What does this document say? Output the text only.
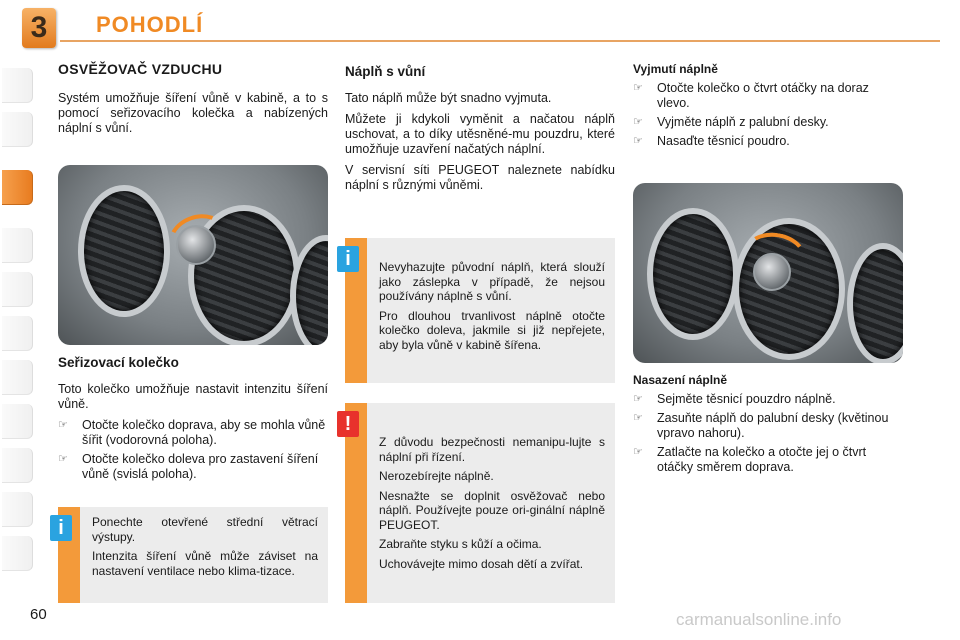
3	POHODLÍ
OSVĚŽOVAČ VZDUCHU

Systém umožňuje šíření vůně v kabině, a to s pomocí seřizovacího kolečka a nabízených náplní s vůní.

Seřizovací kolečko

Toto kolečko umožňuje nastavit intenzitu šíření vůně.

☞ Otočte kolečko doprava, aby se mohla vůně šířit (vodorovná poloha).
☞ Otočte kolečko doleva pro zastavení šíření vůně (svislá poloha).
i	Ponechte otevřené střední větrací výstupy.

Intenzita šíření vůně může záviset na nastavení ventilace nebo klima-tizace.

Náplň s vůní

Tato náplň může být snadno vyjmuta.

Můžete ji kdykoli vyměnit a načatou náplň uschovat, a to díky utěsněné-mu pouzdru, které umožňuje uzavření načatých náplní.

V servisní síti PEUGEOT naleznete nabídku náplní s různými vůněmi.

i	Nevyhazujte původní náplň, která slouží jako záslepka v případě, že nejsou používány náplně s vůní.

Pro dlouhou trvanlivost náplně otočte kolečko doleva, jakmile si již nepřejete, aby byla vůně v kabině šířena.

!

Z důvodu bezpečnosti nemanipu-lujte s náplní při řízení.

Nerozebírejte náplně.

Nesnažte se doplnit osvěžovač nebo náplň. Používejte pouze ori-ginální náplně PEUGEOT.

Zabraňte styku s kůží a očima.

Uchovávejte mimo dosah dětí a zvířat.

Vyjmutí náplně
☞ Otočte kolečko o čtvrt otáčky na doraz vlevo.
☞ Vyjměte náplň z palubní desky.
☞ Nasaďte těsnicí poudro.
Nasazení náplně
☞ Sejměte těsnicí pouzdro náplně.
☞ Zasuňte náplň do palubní desky (květinou vpravo nahoru).
☞ Zatlačte na kolečko a otočte jej o čtvrt otáčky směrem doprava.
60	carmanualsonline.info
